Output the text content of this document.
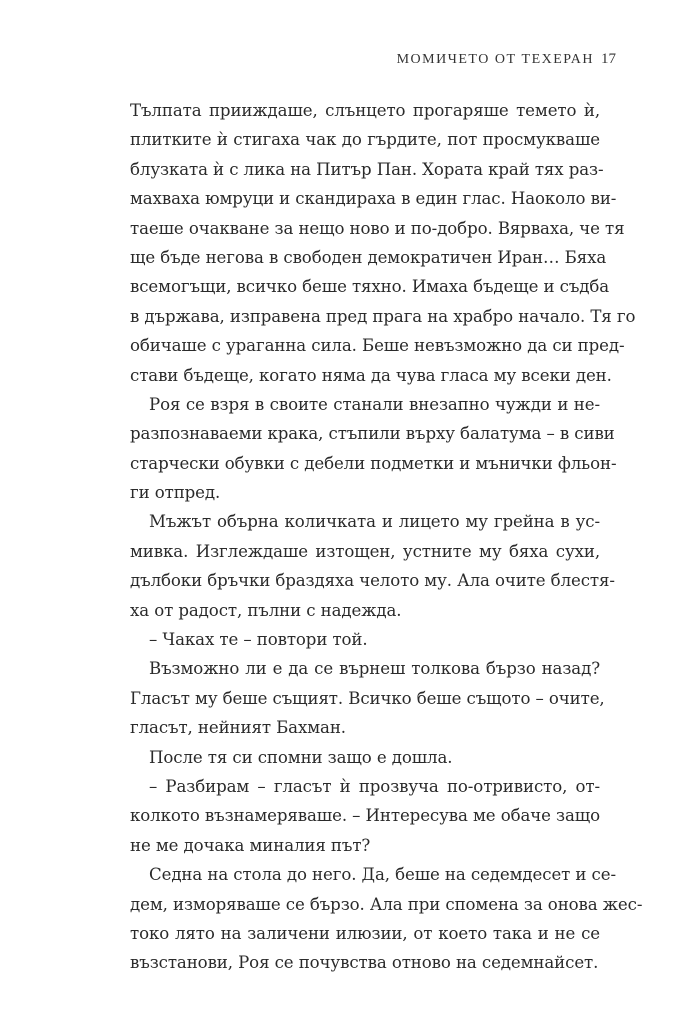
МОМИЧЕТО ОТ ТЕХЕРАН 17
Тълпата прииждаше, слънцето прогаряше темето ѝ,
плитките ѝ стигаха чак до гърдите, пот просмукваше
блузката ѝ с лика на Питър Пан. Хората край тях раз-
махваха юмруци и скандираха в един глас. Наоколо ви-
таеше очакване за нещо ново и по-добро. Вярваха, че тя
ще бъде негова в свободен демократичен Иран… Бяха
всемогъщи, всичко беше тяхно. Имаха бъдеще и съдба
в държава, изправена пред прага на храбро начало. Тя го
обичаше с ураганна сила. Беше невъзможно да си пред-
стави бъдеще, когато няма да чува гласа му всеки ден.
Роя се взря в своите станали внезапно чужди и не-
разпознаваеми крака, стъпили върху балатума – в сиви
старчески обувки с дебели подметки и мънички фльон-
ги отпред.
Мъжът обърна количката и лицето му грейна в ус-
мивка. Изглеждаше изтощен, устните му бяха сухи,
дълбоки бръчки браздяха челото му. Ала очите блестя-
ха от радост, пълни с надежда.
– Чаках те – повтори той.
Възможно ли е да се върнеш толкова бързо назад?
Гласът му беше същият. Всичко беше същото – очите,
гласът, нейният Бахман.
После тя си спомни защо е дошла.
– Разбирам – гласът ѝ прозвуча по-отривисто, от-
колкото възнамеряваше. – Интересува ме обаче защо
не ме дочака миналия път?
Седна на стола до него. Да, беше на седемдесет и се-
дем, изморяваше се бързо. Ала при спомена за онова жес-
токо лято на заличени илюзии, от което така и не се
възстанови, Роя се почувства отново на седемнайсет.
